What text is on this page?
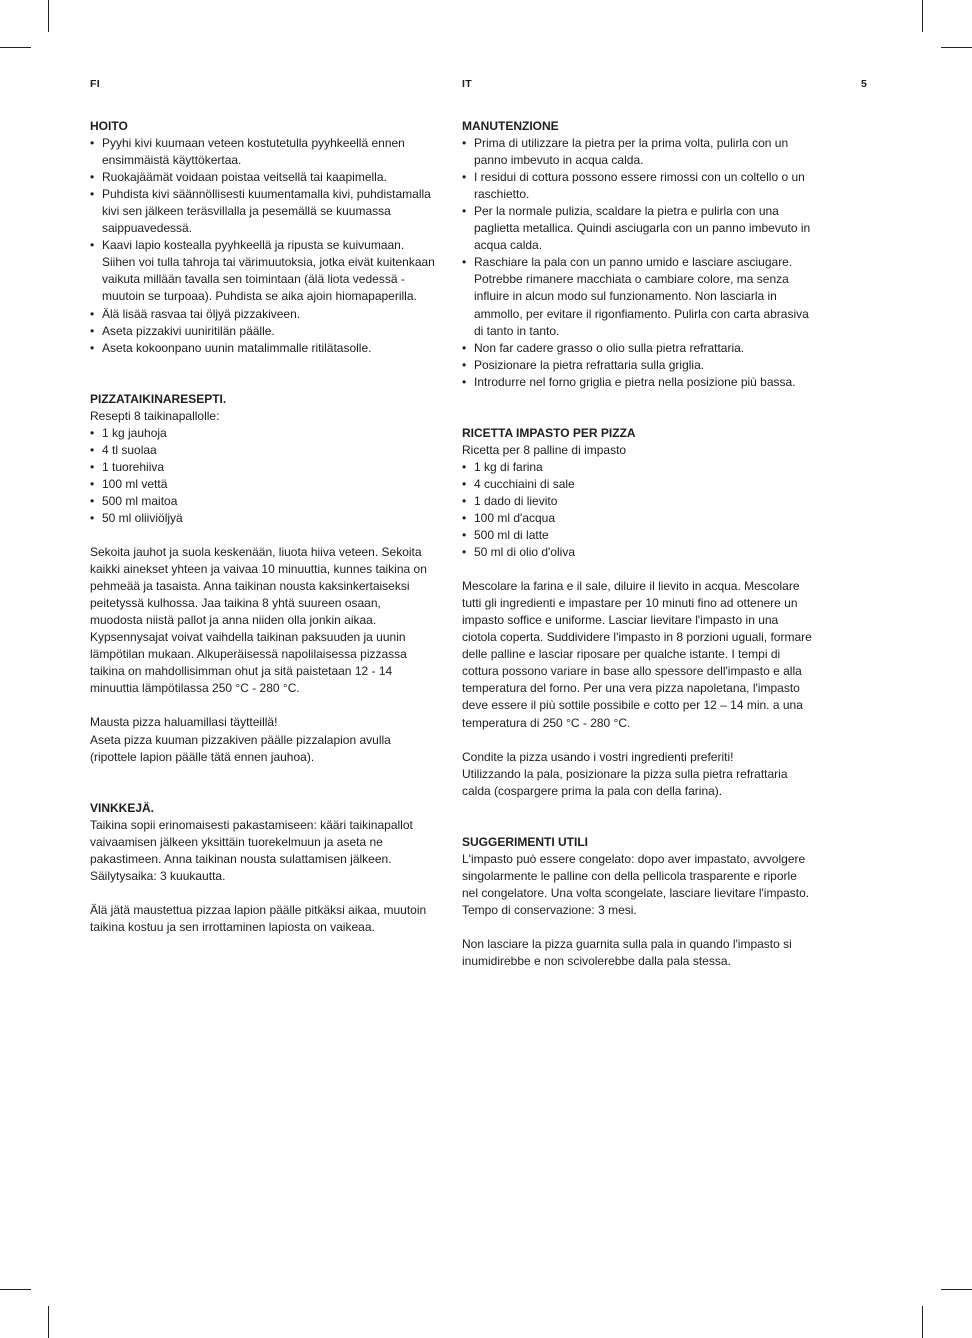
FI	IT	5
HOITO
• Pyyhi kivi kuumaan veteen kostutetulla pyyhkeellä ennen ensimmäistä käyttökertaa.
• Ruokajäämät voidaan poistaa veitsellä tai kaapimella.
• Puhdista kivi säännöllisesti kuumentamalla kivi, puhdistamalla kivi sen jälkeen teräsvillalla ja pesemällä se kuumassa saippuavedessä.
• Kaavi lapio kostealla pyyhkeellä ja ripusta se kuivumaan. Siihen voi tulla tahroja tai värimuutoksia, jotka eivät kuitenkaan vaikuta millään tavalla sen toimintaan (älä liota vedessä - muutoin se turpoaa). Puhdista se aika ajoin hiomapaperilla.
• Älä lisää rasvaa tai öljyä pizzakiveen.
• Aseta pizzakivi uuniritilän päälle.
• Aseta kokoonpano uunin matalimmalle ritilätasolle.
PIZZATAIKINARESEPTI.

Resepti 8 taikinapallolle:

• 1 kg jauhoja
• 4 tl suolaa
• 1 tuorehiiva
• 100 ml vettä
• 500 ml maitoa
• 50 ml oliiviöljyä

Sekoita jauhot ja suola keskenään, liuota hiiva veteen. Sekoita kaikki ainekset yhteen ja vaivaa 10 minuuttia, kunnes taikina on pehmeää ja tasaista. Anna taikinan nousta kaksinkertaiseksi peitetyssä kulhossa. Jaa taikina 8 yhtä suureen osaan, muodosta niistä pallot ja anna niiden olla jonkin aikaa. Kypsennysajat voivat vaihdella taikinan paksuuden ja uunin lämpötilan mukaan. Alkuperäisessä napolilaisessa pizzassa taikina on mahdollisimman ohut ja sitä paistetaan 12 - 14 minuuttia lämpötilassa 250 °C - 280 °C.

Mausta pizza haluamillasi täytteillä!
Aseta pizza kuuman pizzakiven päälle pizzalapion avulla (ripottele lapion päälle tätä ennen jauhoa).

VINKKEJÄ.

Taikina sopii erinomaisesti pakastamiseen: kääri taikinapallot vaivaamisen jälkeen yksittäin tuorekelmuun ja aseta ne pakastimeen. Anna taikinan nousta sulattamisen jälkeen. Säilytysaika: 3 kuukautta.

Älä jätä maustettua pizzaa lapion päälle pitkäksi aikaa, muutoin taikina kostuu ja sen irrottaminen lapiosta on vaikeaa.

MANUTENZIONE
• Prima di utilizzare la pietra per la prima volta, pulirla con un panno imbevuto in acqua calda.
• I residui di cottura possono essere rimossi con un coltello o un raschietto.
• Per la normale pulizia, scaldare la pietra e pulirla con una paglietta metallica. Quindi asciugarla con un panno imbevuto in acqua calda.
• Raschiare la pala con un panno umido e lasciare asciugare. Potrebbe rimanere macchiata o cambiare colore, ma senza influire in alcun modo sul funzionamento. Non lasciarla in ammollo, per evitare il rigonfiamento. Pulirla con carta abrasiva di tanto in tanto.
• Non far cadere grasso o olio sulla pietra refrattaria.
• Posizionare la pietra refrattaria sulla griglia.
• Introdurre nel forno griglia e pietra nella posizione più bassa.
RICETTA IMPASTO PER PIZZA

Ricetta per 8 palline di impasto

• 1 kg di farina
• 4 cucchiaini di sale
• 1 dado di lievito
• 100 ml d'acqua
• 500 ml di latte
• 50 ml di olio d'oliva

Mescolare la farina e il sale, diluire il lievito in acqua. Mescolare tutti gli ingredienti e impastare per 10 minuti fino ad ottenere un impasto soffice e uniforme. Lasciar lievitare l'impasto in una ciotola coperta. Suddividere l'impasto in 8 porzioni uguali, formare delle palline e lasciar riposare per qualche istante. I tempi di cottura possono variare in base allo spessore dell'impasto e alla temperatura del forno. Per una vera pizza napoletana, l'impasto deve essere il più sottile possibile e cotto per 12 – 14 min. a una temperatura di 250 °C - 280 °C.

Condite la pizza usando i vostri ingredienti preferiti!
Utilizzando la pala, posizionare la pizza sulla pietra refrattaria calda (cospargere prima la pala con della farina).

SUGGERIMENTI UTILI

L'impasto può essere congelato: dopo aver impastato, avvolgere singolarmente le palline con della pellicola trasparente e riporle nel congelatore. Una volta scongelate, lasciare lievitare l'impasto. Tempo di conservazione: 3 mesi.

Non lasciare la pizza guarnita sulla pala in quando l'impasto si inumidirebbe e non scivolerebbe dalla pala stessa.
